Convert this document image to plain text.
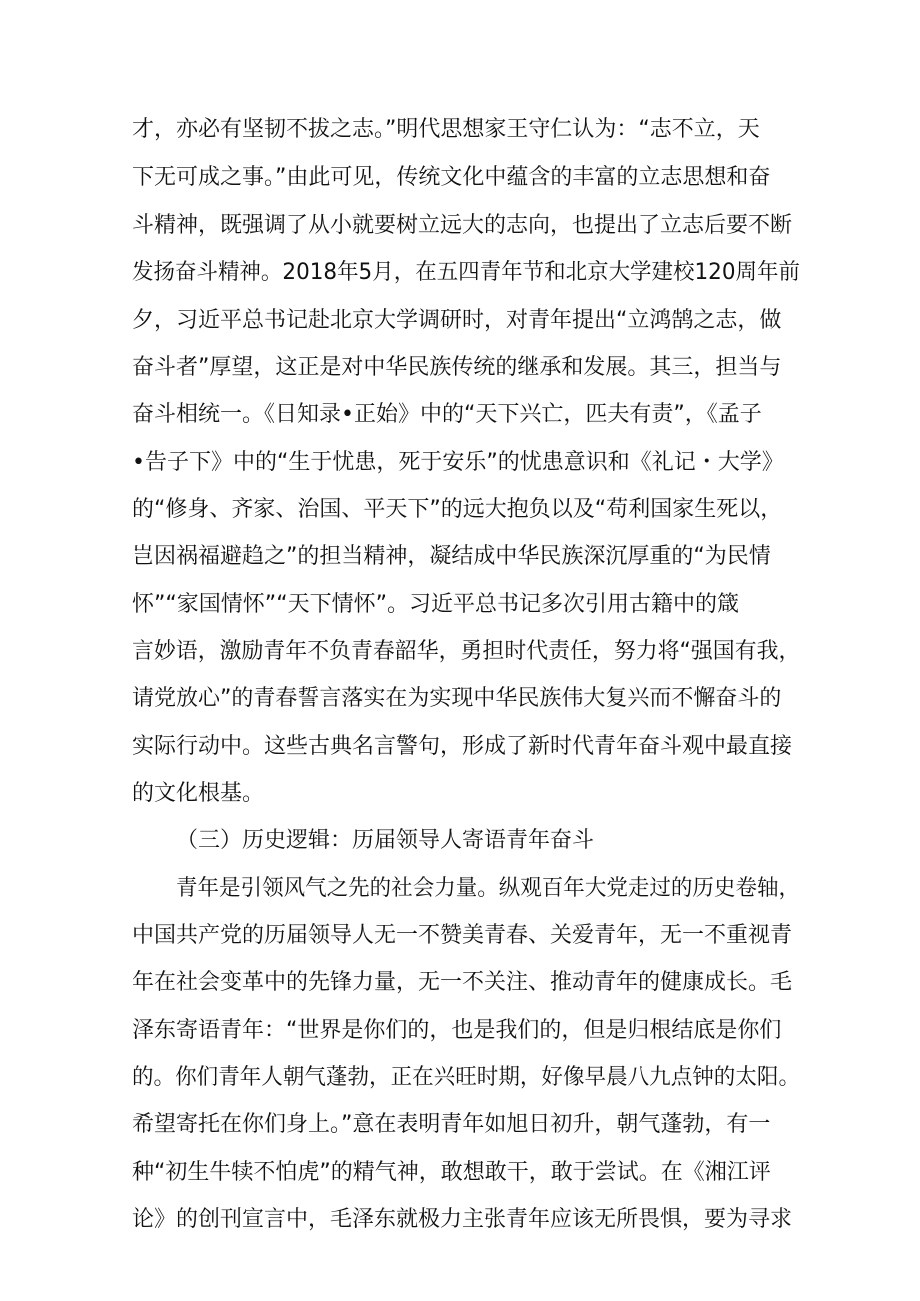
才，亦必有坚韧不拔之志。”明代思想家王守仁认为：“志不立，天
下无可成之事。”由此可见，传统文化中蕴含的丰富的立志思想和奋
斗精神，既强调了从小就要树立远大的志向，也提出了立志后要不断
发扬奋斗精神。2018年5月，在五四青年节和北京大学建校120周年前
夕，习近平总书记赴北京大学调研时，对青年提出“立鸿鹄之志，做
奋斗者”厚望，这正是对中华民族传统的继承和发展。其三，担当与
奋斗相统一。《日知录•正始》中的“天下兴亡，匹夫有责”，《孟子
•告子下》中的“生于忧患，死于安乐”的忧患意识和《礼记・大学》
的“修身、齐家、治国、平天下”的远大抱负以及“苟利国家生死以，
岂因祸福避趋之”的担当精神，凝结成中华民族深沉厚重的“为民情
怀”“家国情怀”“天下情怀”。习近平总书记多次引用古籍中的箴
言妙语，激励青年不负青春韶华，勇担时代责任，努力将“强国有我，
请党放心”的青春誓言落实在为实现中华民族伟大复兴而不懈奋斗的
实际行动中。这些古典名言警句，形成了新时代青年奋斗观中最直接
的文化根基。
（三）历史逻辑：历届领导人寄语青年奋斗
青年是引领风气之先的社会力量。纵观百年大党走过的历史卷轴，
中国共产党的历届领导人无一不赞美青春、关爱青年，无一不重视青
年在社会变革中的先锋力量，无一不关注、推动青年的健康成长。毛
泽东寄语青年：“世界是你们的，也是我们的，但是归根结底是你们
的。你们青年人朝气蓬勃，正在兴旺时期，好像早晨八九点钟的太阳。
希望寄托在你们身上。”意在表明青年如旭日初升，朝气蓬勃，有一
种“初生牛犊不怕虎”的精气神，敢想敢干，敢于尝试。在《湘江评
论》的创刊宣言中，毛泽东就极力主张青年应该无所畏惧，要为寻求
